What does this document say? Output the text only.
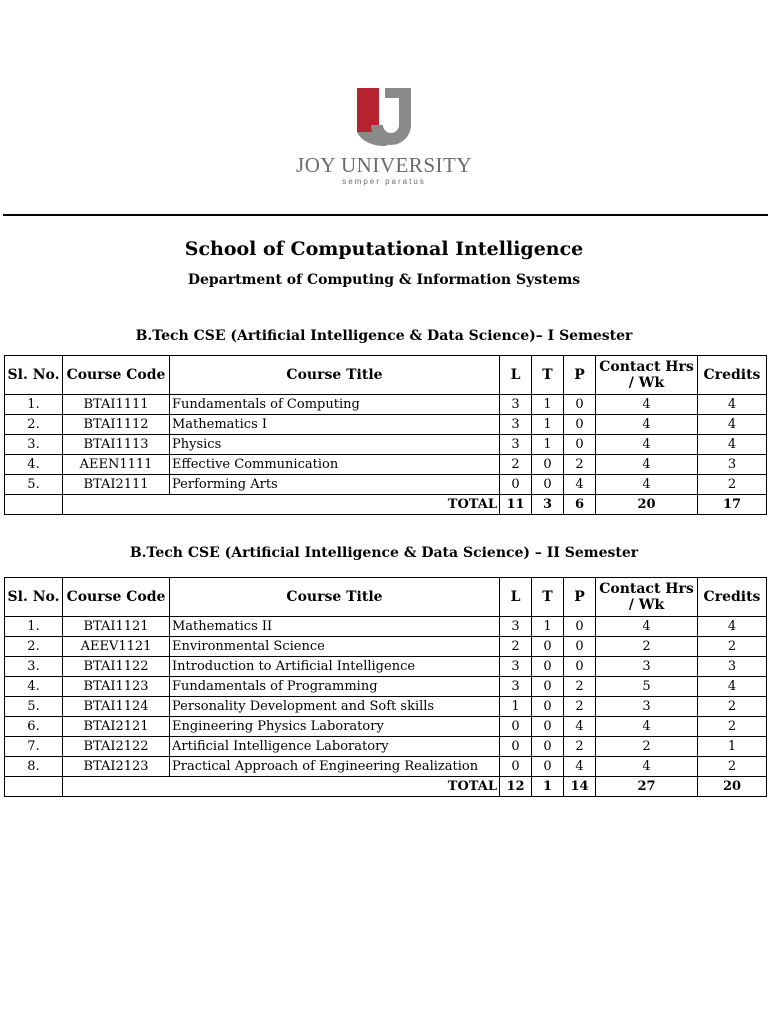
JOY UNIVERSITY
semper paratus
School of Computational Intelligence
Department of Computing & Information Systems
B.Tech CSE (Artificial Intelligence & Data Science)– I Semester
Sl. No.	Course Code	Course Title	L	T	P	Contact Hrs / Wk	Credits
1.	BTAI1111	Fundamentals of Computing	3	1	0	4	4
2.	BTAI1112	Mathematics I	3	1	0	4	4
3.	BTAI1113	Physics	3	1	0	4	4
4.	AEEN1111	Effective Communication	2	0	2	4	3
5.	BTAI2111	Performing Arts	0	0	4	4	2
	TOTAL		11	3	6	20	17
B.Tech CSE (Artificial Intelligence & Data Science) – II Semester
Sl. No.	Course Code	Course Title	L	T	P	Contact Hrs / Wk	Credits
1.	BTAI1121	Mathematics II	3	1	0	4	4
2.	AEEV1121	Environmental Science	2	0	0	2	2
3.	BTAI1122	Introduction to Artificial Intelligence	3	0	0	3	3
4.	BTAI1123	Fundamentals of Programming	3	0	2	5	4
5.	BTAI1124	Personality Development and Soft skills	1	0	2	3	2
6.	BTAI2121	Engineering Physics Laboratory	0	0	4	4	2
7.	BTAI2122	Artificial Intelligence Laboratory	0	0	2	2	1
8.	BTAI2123	Practical Approach of Engineering Realization	0	0	4	4	2
	TOTAL		12	1	14	27	20
